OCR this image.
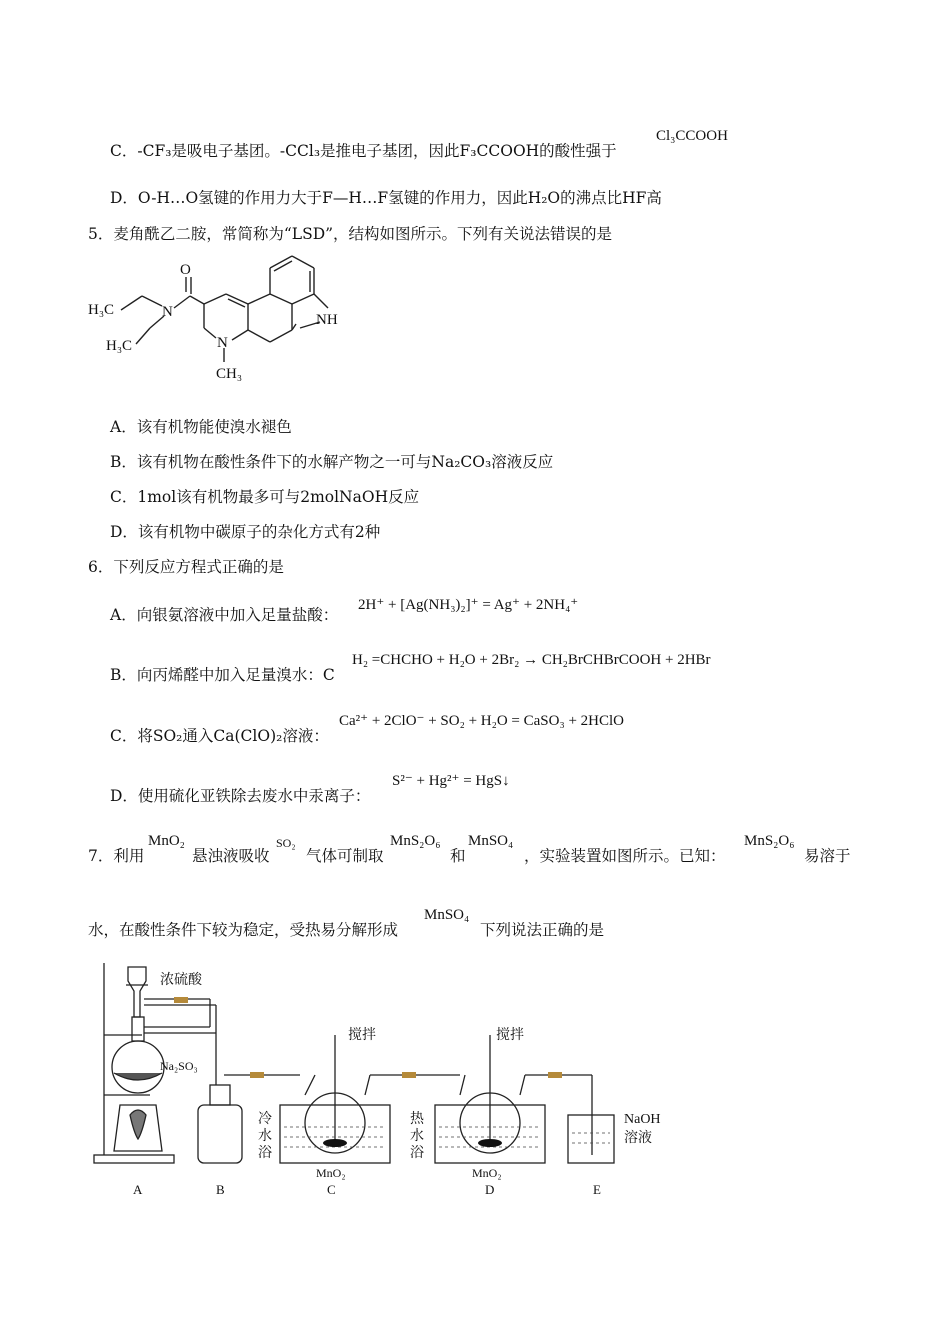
C．-CF₃是吸电子基团。-CCl₃是推电子基团，因此F₃CCOOH的酸性强于
Cl₃CCOOH
D．O-H…O氢键的作用力大于F—H…F氢键的作用力，因此H₂O的沸点比HF高
5．麦角酰乙二胺，常简称为“LSD”，结构如图所示。下列有关说法错误的是
O
N
H₃C
H₃C	N
CH₃
NH
A．该有机物能使溴水褪色
B．该有机物在酸性条件下的水解产物之一可与Na₂CO₃溶液反应
C．1mol该有机物最多可与2molNaOH反应
D．该有机物中碳原子的杂化方式有2种
6．下列反应方程式正确的是
A．向银氨溶液中加入足量盐酸：
2H⁺ + [Ag(NH₃)₂]⁺ = Ag⁺ + 2NH₄⁺
B．向丙烯醛中加入足量溴水：C
H₂ =CHCHO + H₂O + 2Br₂ → CH₂BrCHBrCOOH + 2HBr
C．将SO₂通入Ca(ClO)₂溶液：
Ca²⁺ + 2ClO⁻ + SO₂ + H₂O = CaSO₃ + 2HClO
D．使用硫化亚铁除去废水中汞离子：
S²⁻ + Hg²⁺ = HgS↓
7．利用
MnO₂
悬浊液吸收
SO₂
气体可制取
MnS₂O₆
和
MnSO₄
，实验装置如图所示。已知：
MnS₂O₆
易溶于
水，在酸性条件下较为稳定，受热易分解形成
MnSO₄
下列说法正确的是
浓硫酸
Na₂SO₃
搅拌	搅拌
冷
水
浴
热
水
浴
MnO₂	MnO₂
NaOH
溶液
A	B	C	D	E
